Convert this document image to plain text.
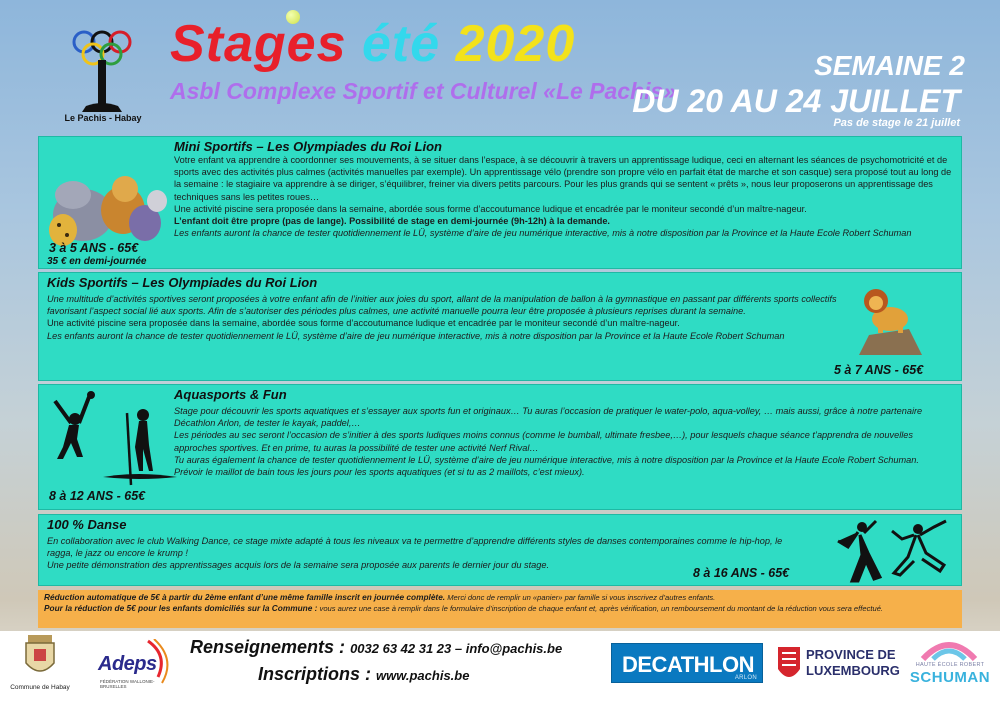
Le Pachis - Habay
Stages été 2020
Asbl Complexe Sportif et Culturel «Le Pachis»
SEMAINE 2
DU 20 AU 24 JUILLET
Pas de stage le 21 juillet
Mini Sportifs – Les Olympiades du Roi Lion

Votre enfant va apprendre à coordonner ses mouvements, à se situer dans l’espace, à se découvrir à travers un apprentissage ludique, ceci en alternant les séances de psychomotricité et de sports avec des activités plus calmes (activités manuelles par exemple). Un apprentissage vélo (prendre son propre vélo en parfait état de marche et son casque) sera proposé tout au long de la semaine : le stagiaire va apprendre à se diriger, s’équilibrer, freiner via divers petits parcours. Pour les plus grands qui se sentent « prêts », nous leur proposerons un apprentissage des techniques sans les petites roues…

Une activité piscine sera proposée dans la semaine, abordée sous forme d’accoutumance ludique et encadrée par le moniteur secondé d’un maître-nageur.

L’enfant doit être propre (pas de lange). Possibilité de stage en demi-journée (9h-12h) à la demande.

Les enfants auront la chance de tester quotidiennement le LÜ, système d’aire de jeu numérique interactive, mis à notre disposition par la Province et la Haute Ecole Robert Schuman

3 à 5 ANS - 65€
35 € en demi-journée
Kids Sportifs – Les Olympiades du Roi Lion

Une multitude d’activités sportives seront proposées à votre enfant afin de l’initier aux joies du sport, allant de la manipulation de ballon à la gymnastique en passant par différents sports collectifs favorisant l’aspect social lié aux sports. Afin de s’autoriser des périodes plus calmes, une activité manuelle pourra leur être proposée à plusieurs reprises durant la semaine.

Une activité piscine sera proposée dans la semaine, abordée sous forme d’accoutumance ludique et encadrée par le moniteur secondé d’un maître-nageur.

Les enfants auront la chance de tester quotidiennement le LÜ, système d’aire de jeu numérique interactive, mis à notre disposition par la Province et la Haute Ecole Robert Schuman

5 à 7 ANS - 65€
Aquasports & Fun

Stage pour découvrir les sports aquatiques et s’essayer aux sports fun et originaux… Tu auras l’occasion de pratiquer le water-polo, aqua-volley, … mais aussi, grâce à notre partenaire Décathlon Arlon, de tester le kayak, paddel,…

Les périodes au sec seront l’occasion de s’initier à des sports ludiques moins connus (comme le bumball, ultimate fresbee,…), pour lesquels chaque séance t’apprendra de nouvelles approches sportives. Et en prime, tu auras la possibilité de tester une activité Nerf Rival…

Tu auras également la chance de tester quotidiennement le LÜ, système d’aire de jeu numérique interactive, mis à notre disposition par la Province et la Haute Ecole Robert Schuman.

Prévoir le maillot de bain tous les jours pour les sports aquatiques (et si tu as 2 maillots, c’est mieux).

8 à 12 ANS - 65€
100 % Danse

En collaboration avec le club Walking Dance, ce stage mixte adapté à tous les niveaux va te permettre d’apprendre différents styles de danses contemporaines comme le hip-hop, le ragga, le jazz ou encore le krump !

Une petite démonstration des apprentissages acquis lors de la semaine sera proposée aux parents le dernier jour du stage.

8 à 16 ANS - 65€
Réduction automatique de 5€ à partir du 2ème enfant d’une même famille inscrit en journée complète. Merci donc de remplir un «panier» par famille si vous inscrivez d’autres enfants.
Pour la réduction de 5€ pour les enfants domiciliés sur la Commune : vous aurez une case à remplir dans le formulaire d’inscription de chaque enfant et, après vérification, un remboursement du montant de la réduction vous sera effectué.
Commune de Habay
Adeps
FÉDÉRATION WALLONIE-BRUXELLES
Renseignements : 0032 63 42 31 23 – info@pachis.be
Inscriptions : www.pachis.be	DECATHLON
ARLON
PROVINCE DE
LUXEMBOURG	HAUTE ÉCOLE ROBERT
SCHUMAN
